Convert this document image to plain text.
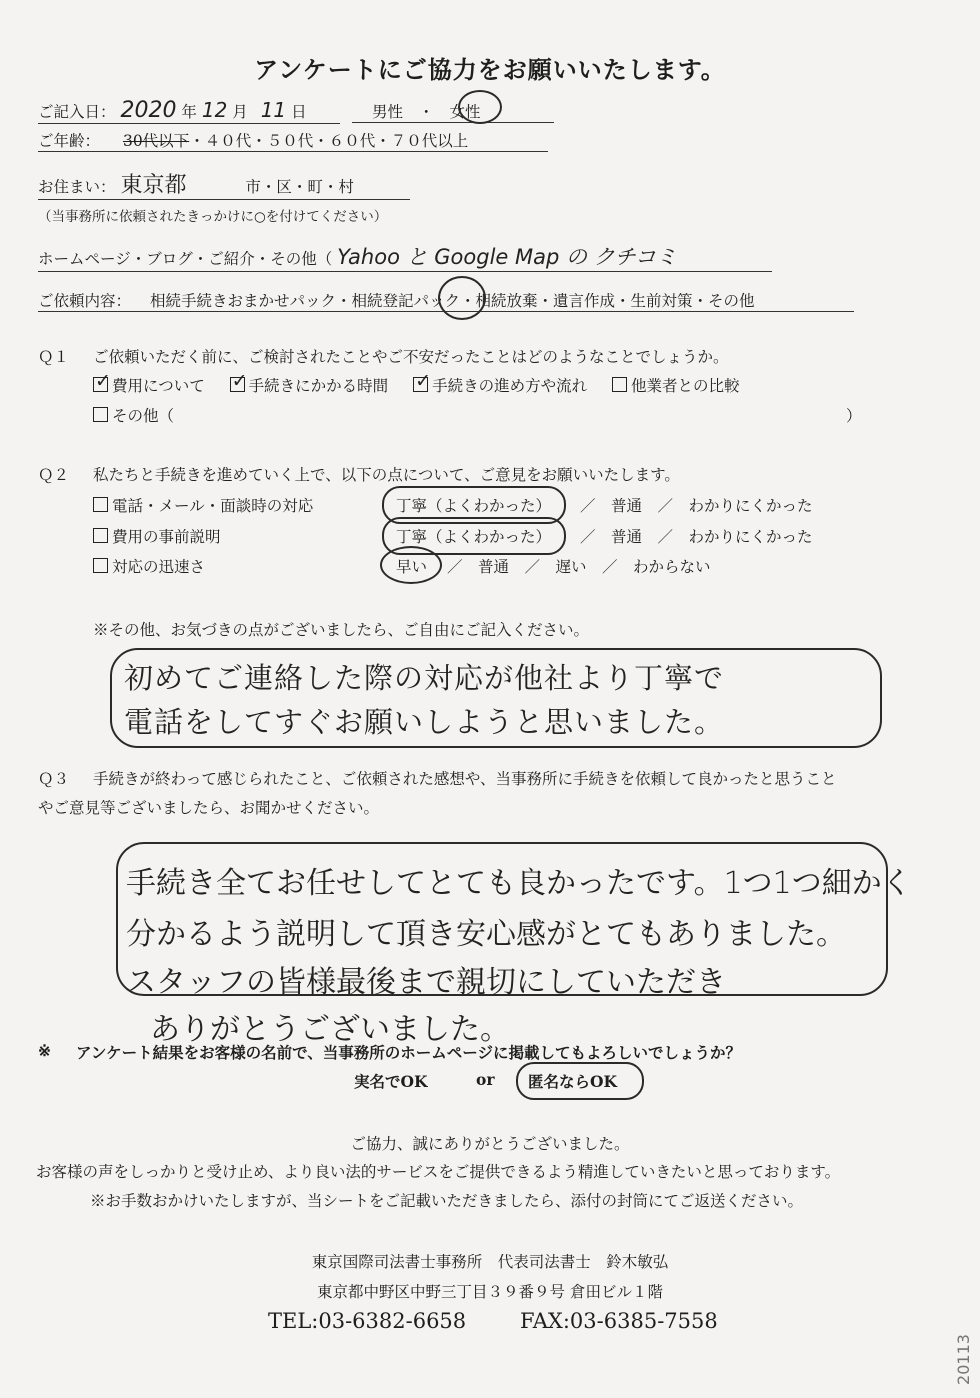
アンケートにご協力をお願いいたします。
ご記入日： 2020 年 12 月 11 日	男性　・　女性
ご年齢： 30代以下・４０代・５０代・６０代・７０代以上
お住まい： 東京都	市・区・町・村
（当事務所に依頼されたきっかけに○を付けてください）
ホームページ・ブログ・ご紹介・その他（ Yahoo と Google Map の クチコミ
ご依頼内容： 相続手続きおまかせパック・相続登記パック・相続放棄・遺言作成・生前対策・その他
Ｑ１ ご依頼いただく前に、ご検討されたことやご不安だったことはどのようなことでしょうか。
✓ 費用について ✓ 手続きにかかる時間 ✓ 手続きの進め方や流れ	他業者との比較
その他（	）
Ｑ２ 私たちと手続きを進めていく上で、以下の点について、ご意見をお願いいたします。
電話・メール・面談時の対応	丁寧（よくわかった） ／　普通　／　わかりにくかった
費用の事前説明	丁寧（よくわかった） ／　普通　／　わかりにくかった
対応の迅速さ	早い ／　普通　／　遅い　／　わからない
※その他、お気づきの点がございましたら、ご自由にご記入ください。
初めてご連絡した際の対応が他社より丁寧で
電話をしてすぐお願いしようと思いました。
Ｑ３ 手続きが終わって感じられたこと、ご依頼された感想や、当事務所に手続きを依頼して良かったと思うこと
やご意見等ございましたら、お聞かせください。
手続き全てお任せしてとても良かったです。1つ1つ細かく
分かるよう説明して頂き安心感がとてもありました。
スタッフの皆様最後まで親切にしていただき
ありがとうございました。
※ アンケート結果をお客様の名前で、当事務所のホームページに掲載してもよろしいでしょうか？
実名でOK	or 匿名ならOK
ご協力、誠にありがとうございました。
お客様の声をしっかりと受け止め、より良い法的サービスをご提供できるよう精進していきたいと思っております。
※お手数おかけいたしますが、当シートをご記載いただきましたら、添付の封筒にてご返送ください。
東京国際司法書士事務所　代表司法書士　鈴木敏弘
東京都中野区中野三丁目３９番９号 倉田ビル１階
TEL:03-6382-6658	FAX:03-6385-7558
20113
